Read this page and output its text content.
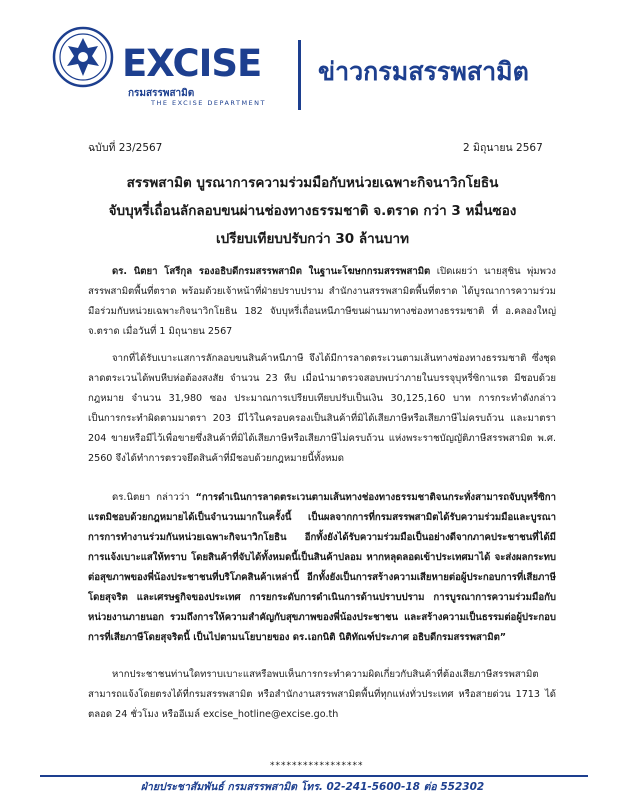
EXCISE
กรมสรรพสามิต
THE EXCISE DEPARTMENT
ข่าวกรมสรรพสามิต
ฉบับที่ 23/2567	2 มิถุนายน 2567
สรรพสามิต บูรณาการความร่วมมือกับหน่วยเฉพาะกิจนาวิกโยธิน
จับบุหรี่เถื่อนลักลอบขนผ่านช่องทางธรรมชาติ จ.ตราด กว่า 3 หมื่นซอง
เปรียบเทียบปรับกว่า 30 ล้านบาท

ดร. นิตยา โสรีกุล รองอธิบดีกรมสรรพสามิต ในฐานะโฆษกกรมสรรพสามิต เปิดเผยว่า นายสุชิน พุ่มพวง สรรพสามิตพื้นที่ตราด พร้อมด้วยเจ้าหน้าที่ฝ่ายปราบปราม สำนักงานสรรพสามิตพื้นที่ตราด ได้บูรณาการความร่วมมือร่วมกับหน่วยเฉพาะกิจนาวิกโยธิน 182 จับบุหรี่เถื่อนหนีภาษีขนผ่านมาทางช่องทางธรรมชาติ ที่ อ.คลองใหญ่ จ.ตราด เมื่อวันที่ 1 มิถุนายน 2567

จากที่ได้รับเบาะแสการลักลอบขนสินค้าหนีภาษี จึงได้มีการลาดตระเวนตามเส้นทางช่องทางธรรมชาติ ซึ่งชุดลาดตระเวนได้พบหีบห่อต้องสงสัย จำนวน 23 หีบ เมื่อนำมาตรวจสอบพบว่าภายในบรรจุบุหรี่ซิกาแรต มีชอบด้วยกฎหมาย จำนวน 31,980 ซอง ประมาณการเปรียบเทียบปรับเป็นเงิน 30,125,160 บาท การกระทำดังกล่าวเป็นการกระทำผิดตามมาตรา 203 มีไว้ในครอบครองเป็นสินค้าที่มิได้เสียภาษีหรือเสียภาษีไม่ครบถ้วน และมาตรา 204 ขายหรือมีไว้เพื่อขายซึ่งสินค้าที่มิได้เสียภาษีหรือเสียภาษีไม่ครบถ้วน แห่งพระราชบัญญัติภาษีสรรพสามิต พ.ศ. 2560 จึงได้ทำการตรวจยึดสินค้าที่มีชอบด้วยกฎหมายนี้ทั้งหมด

ดร.นิตยา กล่าวว่า “การดำเนินการลาดตระเวนตามเส้นทางช่องทางธรรมชาติจนกระทั่งสามารถจับบุหรี่ซิกาแรตมิชอบด้วยกฎหมายได้เป็นจำนวนมากในครั้งนี้ เป็นผลจากการที่กรมสรรพสามิตได้รับความร่วมมือและบูรณาการการทำงานร่วมกันหน่วยเฉพาะกิจนาวิกโยธิน อีกทั้งยังได้รับความร่วมมือเป็นอย่างดีจากภาคประชาชนที่ได้มีการแจ้งเบาะแสให้ทราบ โดยสินค้าที่จับได้ทั้งหมดนี้เป็นสินค้าปลอม หากหลุดลอดเข้าประเทศมาได้ จะส่งผลกระทบต่อสุขภาพของพี่น้องประชาชนที่บริโภคสินค้าเหล่านี้ อีกทั้งยังเป็นการสร้างความเสียหายต่อผู้ประกอบการที่เสียภาษีโดยสุจริต และเศรษฐกิจของประเทศ การยกระดับการดำเนินการด้านปราบปราม การบูรณาการความร่วมมือกับหน่วยงานภายนอก รวมถึงการให้ความสำคัญกับสุขภาพของพี่น้องประชาชน และสร้างความเป็นธรรมต่อผู้ประกอบการที่เสียภาษีโดยสุจริตนี้ เป็นไปตามนโยบายของ ดร.เอกนิติ นิติทัณฑ์ประภาศ อธิบดีกรมสรรพสามิต”

หากประชาชนท่านใดทราบเบาะแสหรือพบเห็นการกระทำความผิดเกี่ยวกับสินค้าที่ต้องเสียภาษีสรรพสามิต สามารถแจ้งโดยตรงได้ที่กรมสรรพสามิต หรือสำนักงานสรรพสามิตพื้นที่ทุกแห่งทั่วประเทศ หรือสายด่วน 1713 ได้ตลอด 24 ชั่วโมง หรืออีเมล์ excise_hotline@excise.go.th

*****************
ฝ่ายประชาสัมพันธ์ กรมสรรพสามิต โทร. 02-241-5600-18 ต่อ 552302
